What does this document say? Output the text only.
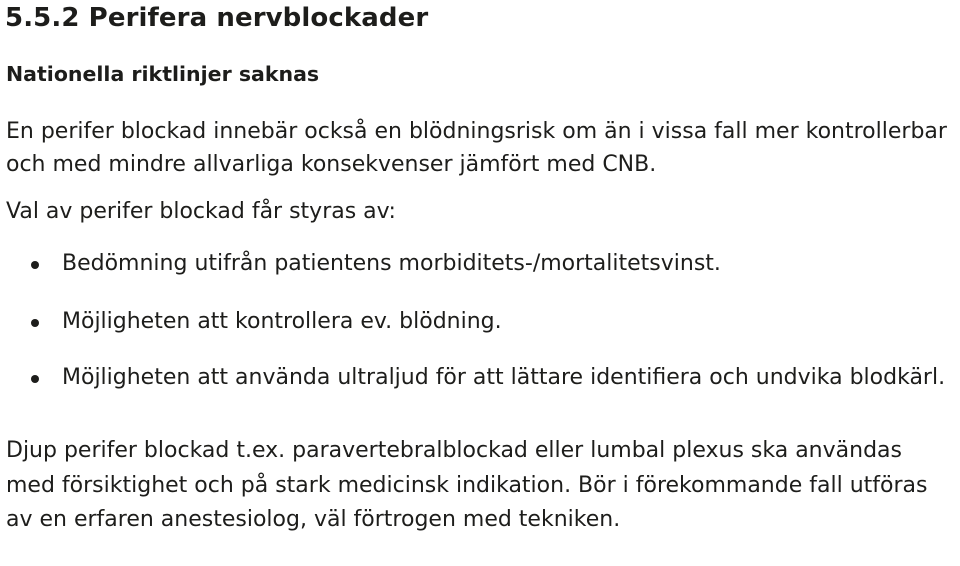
5.5.2 Perifera nervblockader
Nationella riktlinjer saknas

En perifer blockad innebär också en blödningsrisk om än i vissa fall mer kontrollerbar och med mindre allvarliga konsekvenser jämfört med CNB.

Val av perifer blockad får styras av:

Bedömning utifrån patientens morbiditets-/mortalitetsvinst.
Möjligheten att kontrollera ev. blödning.
Möjligheten att använda ultraljud för att lättare identifiera och undvika blodkärl.

Djup perifer blockad t.ex. paravertebralblockad eller lumbal plexus ska användas med försiktighet och på stark medicinsk indikation. Bör i förekommande fall utföras av en erfaren anestesiolog, väl förtrogen med tekniken.
